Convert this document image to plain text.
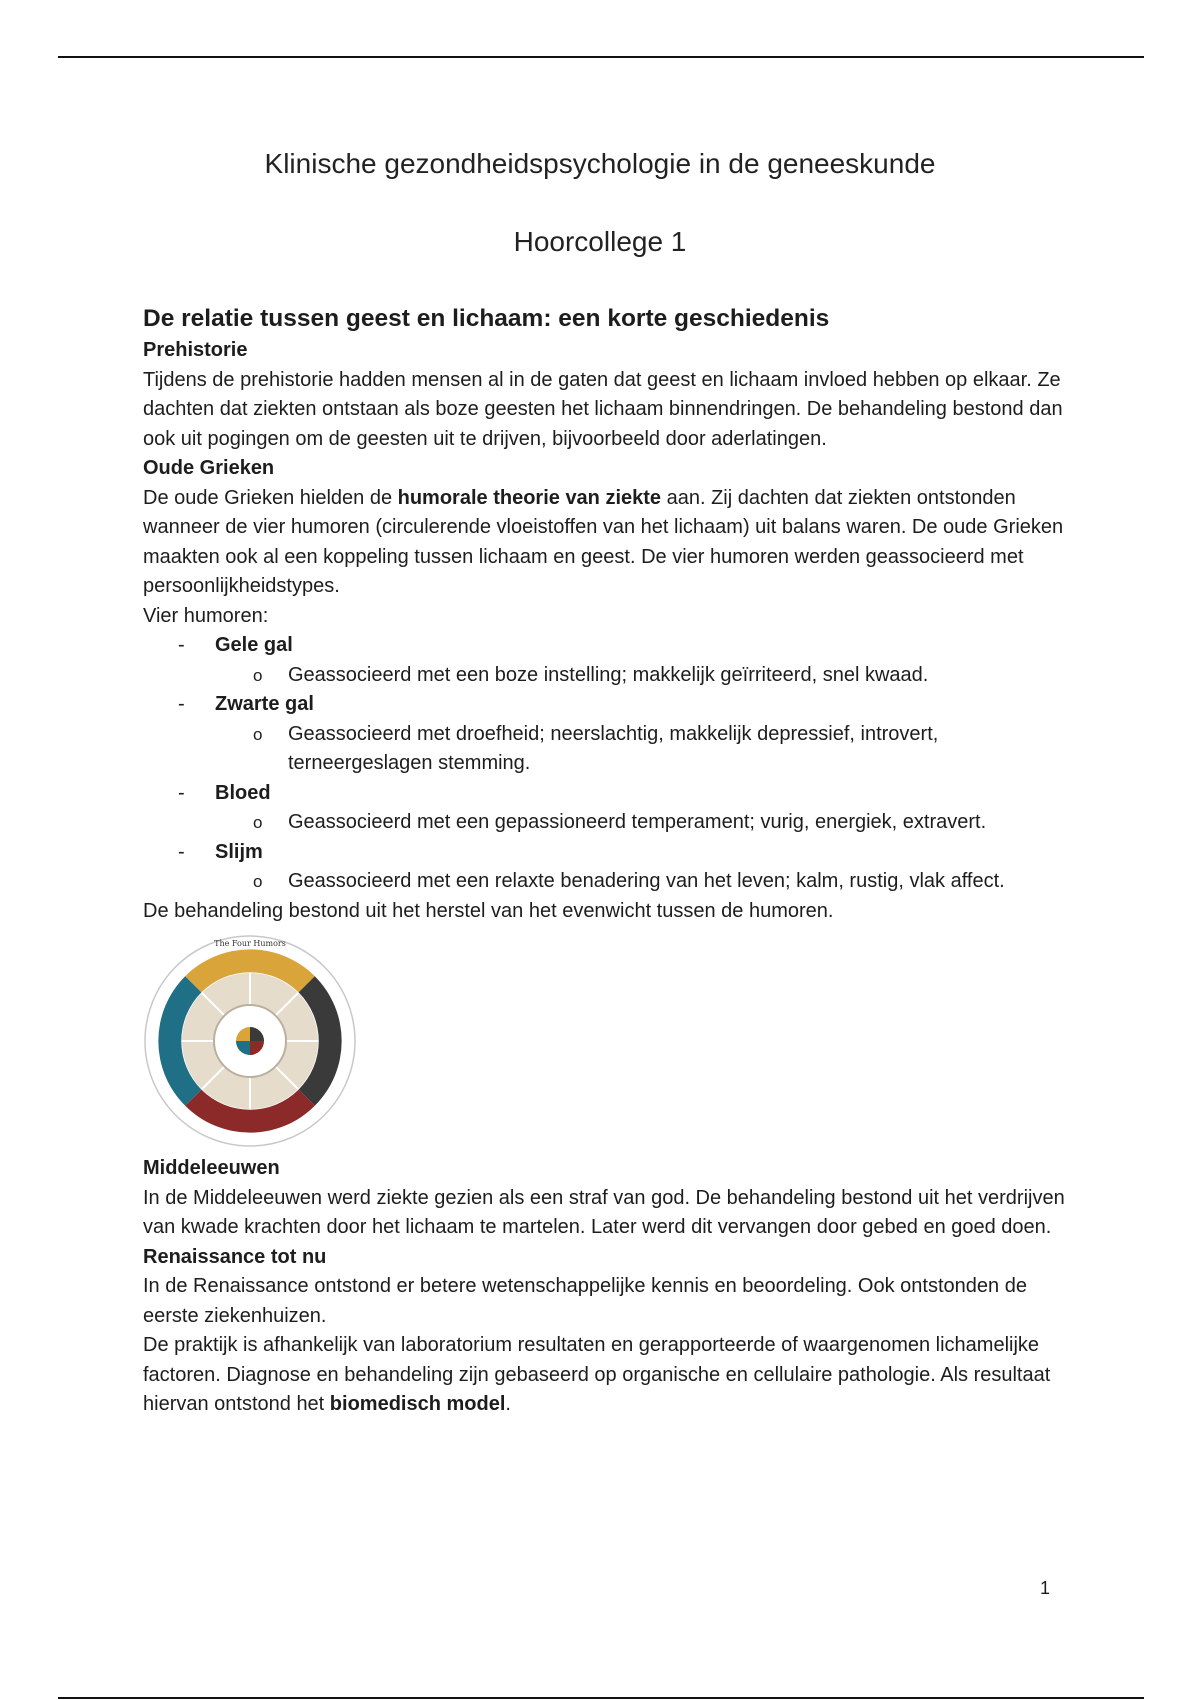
Klinische gezondheidspsychologie in de geneeskunde
Hoorcollege 1
De relatie tussen geest en lichaam: een korte geschiedenis

Prehistorie

Tijdens de prehistorie hadden mensen al in de gaten dat geest en lichaam invloed hebben op elkaar. Ze dachten dat ziekten ontstaan als boze geesten het lichaam binnendringen. De behandeling bestond dan ook uit pogingen om de geesten uit te drijven, bijvoorbeeld door aderlatingen.

Oude Grieken

De oude Grieken hielden de humorale theorie van ziekte aan. Zij dachten dat ziekten ontstonden wanneer de vier humoren (circulerende vloeistoffen van het lichaam) uit balans waren. De oude Grieken maakten ook al een koppeling tussen lichaam en geest. De vier humoren werden geassocieerd met persoonlijkheidstypes.

Vier humoren:

- Gele gal
o Geassocieerd met een boze instelling; makkelijk geïrriteerd, snel kwaad.
- Zwarte gal
o Geassocieerd met droefheid; neerslachtig, makkelijk depressief, introvert, terneergeslagen stemming.
- Bloed
o Geassocieerd met een gepassioneerd temperament; vurig, energiek, extravert.
- Slijm
o Geassocieerd met een relaxte benadering van het leven; kalm, rustig, vlak affect.

De behandeling bestond uit het herstel van het evenwicht tussen de humoren.

The Four Humors

Middeleeuwen

In de Middeleeuwen werd ziekte gezien als een straf van god. De behandeling bestond uit het verdrijven van kwade krachten door het lichaam te martelen. Later werd dit vervangen door gebed en goed doen.

Renaissance tot nu

In de Renaissance ontstond er betere wetenschappelijke kennis en beoordeling. Ook ontstonden de eerste ziekenhuizen.

De praktijk is afhankelijk van laboratorium resultaten en gerapporteerde of waargenomen lichamelijke factoren. Diagnose en behandeling zijn gebaseerd op organische en cellulaire pathologie. Als resultaat hiervan ontstond het biomedisch model.

1
